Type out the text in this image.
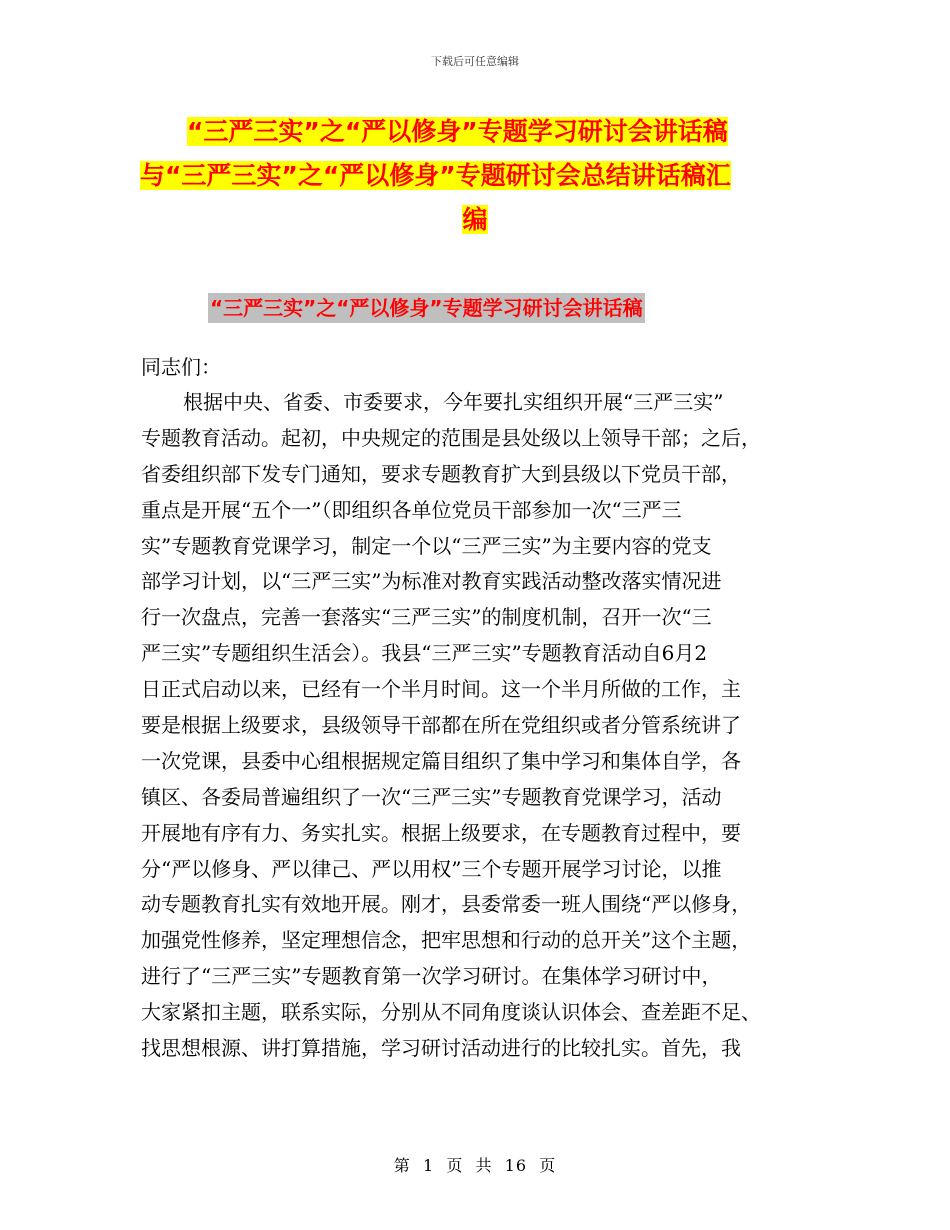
下载后可任意编辑
“三严三实”之“严以修身”专题学习研讨会讲话稿
与“三严三实”之“严以修身”专题研讨会总结讲话稿汇
编
“三严三实”之“严以修身”专题学习研讨会讲话稿
同志们：
根据中央、省委、市委要求，今年要扎实组织开展“三严三实”
专题教育活动。起初，中央规定的范围是县处级以上领导干部；之后，
省委组织部下发专门通知，要求专题教育扩大到县级以下党员干部，
重点是开展“五个一”（即组织各单位党员干部参加一次“三严三
实”专题教育党课学习，制定一个以“三严三实”为主要内容的党支
部学习计划，以“三严三实”为标准对教育实践活动整改落实情况进
行一次盘点，完善一套落实“三严三实”的制度机制，召开一次“三
严三实”专题组织生活会）。我县“三严三实”专题教育活动自6月2
日正式启动以来，已经有一个半月时间。这一个半月所做的工作，主
要是根据上级要求，县级领导干部都在所在党组织或者分管系统讲了
一次党课，县委中心组根据规定篇目组织了集中学习和集体自学，各
镇区、各委局普遍组织了一次“三严三实”专题教育党课学习，活动
开展地有序有力、务实扎实。根据上级要求，在专题教育过程中，要
分“严以修身、严以律己、严以用权”三个专题开展学习讨论，以推
动专题教育扎实有效地开展。刚才，县委常委一班人围绕“严以修身，
加强党性修养，坚定理想信念，把牢思想和行动的总开关”这个主题，
进行了“三严三实”专题教育第一次学习研讨。在集体学习研讨中，
大家紧扣主题，联系实际，分别从不同角度谈认识体会、查差距不足、
找思想根源、讲打算措施，学习研讨活动进行的比较扎实。首先，我
第  1  页  共  16  页
